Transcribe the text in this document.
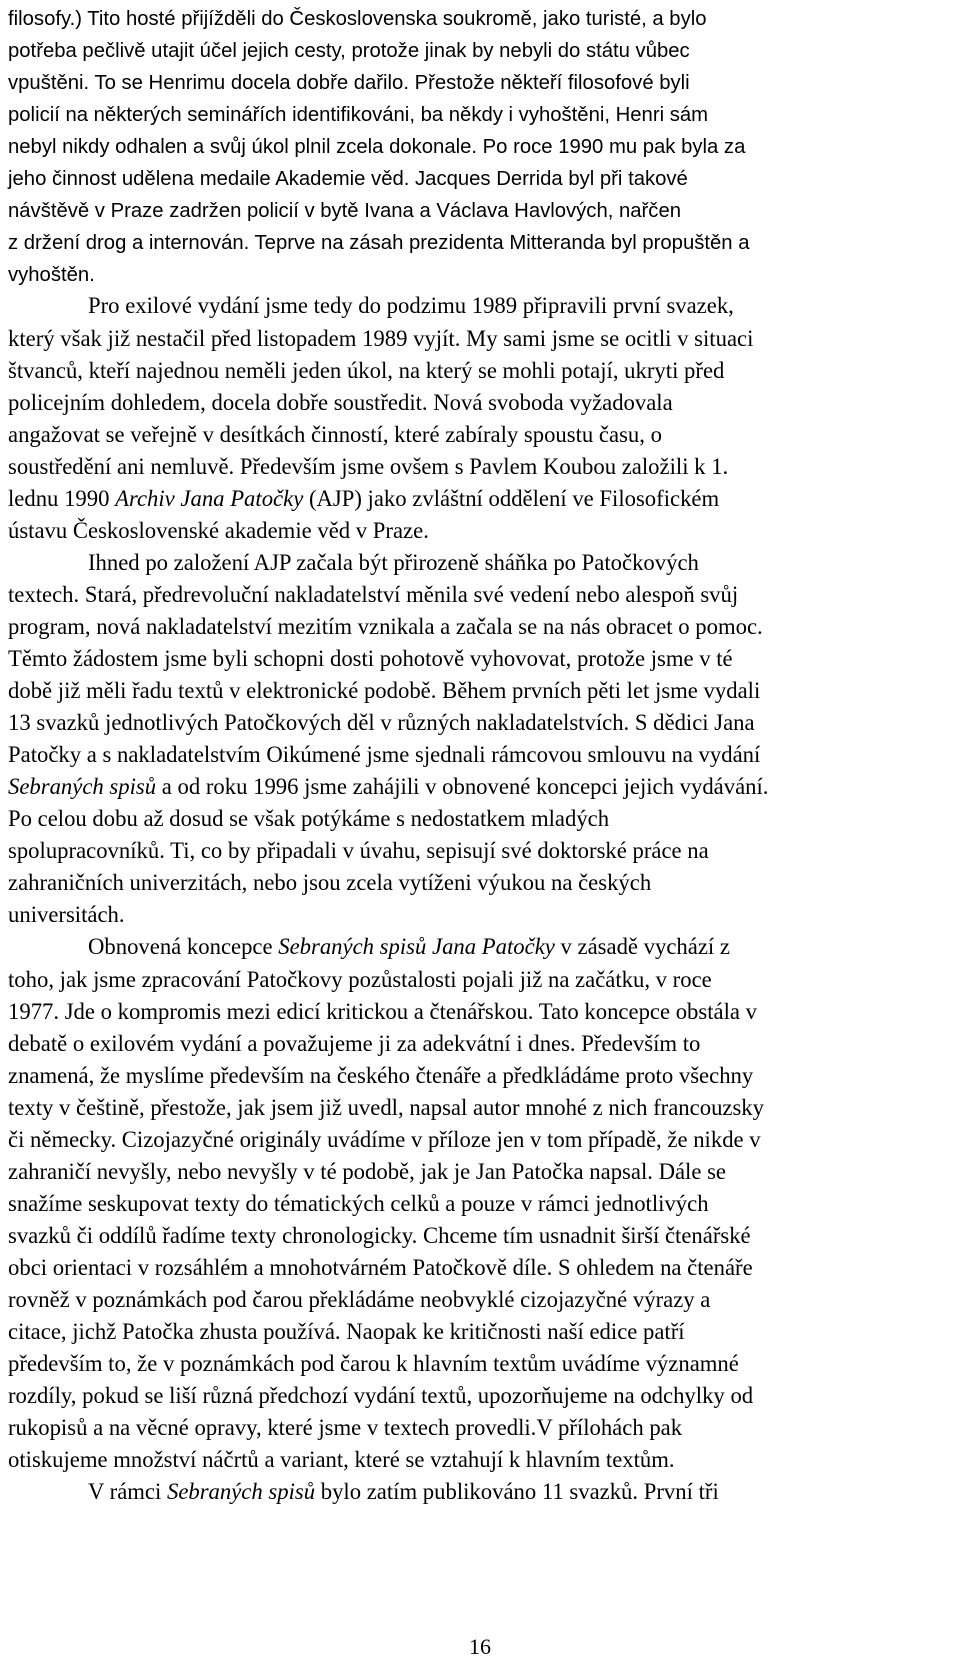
filosofy.) Tito hosté přijížděli do Československa soukromě, jako turisté, a bylo
potřeba pečlivě utajit účel jejich cesty, protože jinak by nebyli do státu vůbec
vpuštěni. To se Henrimu docela dobře dařilo. Přestože někteří filosofové byli
policií na některých seminářích identifikováni, ba někdy i vyhoštěni, Henri sám
nebyl nikdy odhalen a svůj úkol plnil zcela dokonale. Po roce 1990 mu pak byla za
jeho činnost udělena medaile Akademie věd. Jacques Derrida byl při takové
návštěvě v Praze zadržen policií v bytě Ivana a Václava Havlových, nařčen
z držení drog a internován. Teprve na zásah prezidenta Mitteranda byl propuštěn a
vyhoštěn.
Pro exilové vydání jsme tedy do podzimu 1989 připravili první svazek,
který však již nestačil před listopadem 1989 vyjít. My sami jsme se ocitli v situaci
štvanců, kteří najednou neměli jeden úkol, na který se mohli potají, ukryti před
policejním dohledem, docela dobře soustředit. Nová svoboda vyžadovala
angažovat se veřejně v desítkách činností, které zabíraly spoustu času, o
soustředění ani nemluvě. Především jsme ovšem s Pavlem Koubou založili k 1.
lednu 1990 Archiv Jana Patočky (AJP) jako zvláštní oddělení ve Filosofickém
ústavu Československé akademie věd v Praze.
Ihned po založení AJP začala být přirozeně sháňka po Patočkových
textech. Stará, předrevoluční nakladatelství měnila své vedení nebo alespoň svůj
program, nová nakladatelství mezitím vznikala a začala se na nás obracet o pomoc.
Těmto žádostem jsme byli schopni dosti pohotově vyhovovat, protože jsme v té
době již měli řadu textů v elektronické podobě. Během prvních pěti let jsme vydali
13 svazků jednotlivých Patočkových děl v různých nakladatelstvích. S dědici Jana
Patočky a s nakladatelstvím Oikúmené jsme sjednali rámcovou smlouvu na vydání
Sebraných spisů a od roku 1996 jsme zahájili v obnovené koncepci jejich vydávání.
Po celou dobu až dosud se však potýkáme s nedostatkem mladých
spolupracovníků. Ti, co by připadali v úvahu, sepisují své doktorské práce na
zahraničních univerzitách, nebo jsou zcela vytíženi výukou na českých
universitách.
Obnovená koncepce Sebraných spisů Jana Patočky v zásadě vychází z
toho, jak jsme zpracování Patočkovy pozůstalosti pojali již na začátku, v roce
1977. Jde o kompromis mezi edicí kritickou a čtenářskou. Tato koncepce obstála v
debatě o exilovém vydání a považujeme ji za adekvátní i dnes. Především to
znamená, že myslíme především na českého čtenáře a předkládáme proto všechny
texty v češtině, přestože, jak jsem již uvedl, napsal autor mnohé z nich francouzsky
či německy. Cizojazyčné originály uvádíme v příloze jen v tom případě, že nikde v
zahraničí nevyšly, nebo nevyšly v té podobě, jak je Jan Patočka napsal. Dále se
snažíme seskupovat texty do tématických celků a pouze v rámci jednotlivých
svazků či oddílů řadíme texty chronologicky. Chceme tím usnadnit širší čtenářské
obci orientaci v rozsáhlém a mnohotvárném Patočkově díle. S ohledem na čtenáře
rovněž v poznámkách pod čarou překládáme neobvyklé cizojazyčné výrazy a
citace, jichž Patočka zhusta používá. Naopak ke kritičnosti naší edice patří
především to, že v poznámkách pod čarou k hlavním textům uvádíme významné
rozdíly, pokud se liší různá předchozí vydání textů, upozorňujeme na odchylky od
rukopisů a na věcné opravy, které jsme v textech provedli.V přílohách pak
otiskujeme množství náčrtů a variant, které se vztahují k hlavním textům.
V rámci Sebraných spisů bylo zatím publikováno 11 svazků. První tři
16
